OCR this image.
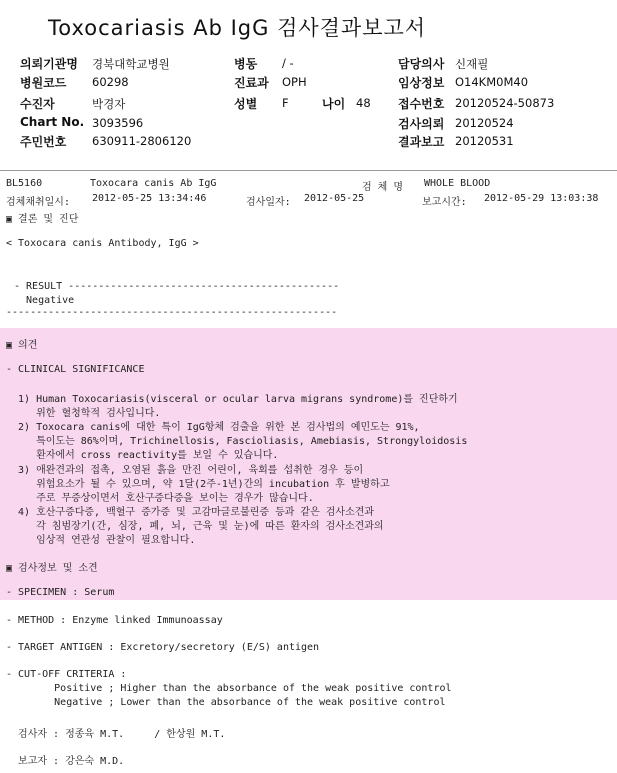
Toxocariasis Ab IgG 검사결과보고서
의뢰기관명 경북대학교병원
병원코드 60298
수진자	박경자
Chart No. 3093596
주민번호 630911-2806120
병동 / -
진료과 OPH
성별 F	나이 48
담당의사 신재필
임상정보 O14KM0M40
접수번호 20120524-50873
검사의뢰 20120524
결과보고 20120531
BL5160	Toxocara canis Ab IgG	검 체 명 WHOLE BLOOD
검체채취일시: 2012-05-25 13:34:46	검사일자: 2012-05-25	보고시간: 2012-05-29 13:03:38
▣ 결론 및 진단
< Toxocara canis Antibody, IgG >
- RESULT ---------------------------------------------
Negative
-------------------------------------------------------
▣ 의견
- CLINICAL SIGNIFICANCE
1) Human Toxocariasis(visceral or ocular larva migrans syndrome)를 진단하기
위한 혈청학적 검사입니다.
2) Toxocara canis에 대한 특이 IgG항체 검출을 위한 본 검사법의 예민도는 91%,
특이도는 86%이며, Trichinellosis, Fascioliasis, Amebiasis, Strongyloidosis
환자에서 cross reactivity를 보일 수 있습니다.
3) 애완견과의 접촉, 오염된 흙을 만진 어린이, 육회를 섭취한 경우 등이
위험요소가 될 수 있으며, 약 1달(2주-1년)간의 incubation 후 발병하고
주로 무증상이면서 호산구증다증을 보이는 경우가 많습니다.
4) 호산구증다증, 백혈구 증가증 및 고감마글로불린증 등과 같은 검사소견과
각 침범장기(간, 심장, 폐, 뇌, 근육 및 눈)에 따른 환자의 검사소견과의
임상적 연관성 관찰이 필요합니다.
▣ 검사정보 및 소견
- SPECIMEN : Serum
- METHOD : Enzyme linked Immunoassay
- TARGET ANTIGEN : Excretory/secretory (E/S) antigen
- CUT-OFF CRITERIA :
Positive ; Higher than the absorbance of the weak positive control
Negative ; Lower than the absorbance of the weak positive control
검사자 : 정종육 M.T.     / 한상원 M.T.
보고자 : 강은숙 M.D.
